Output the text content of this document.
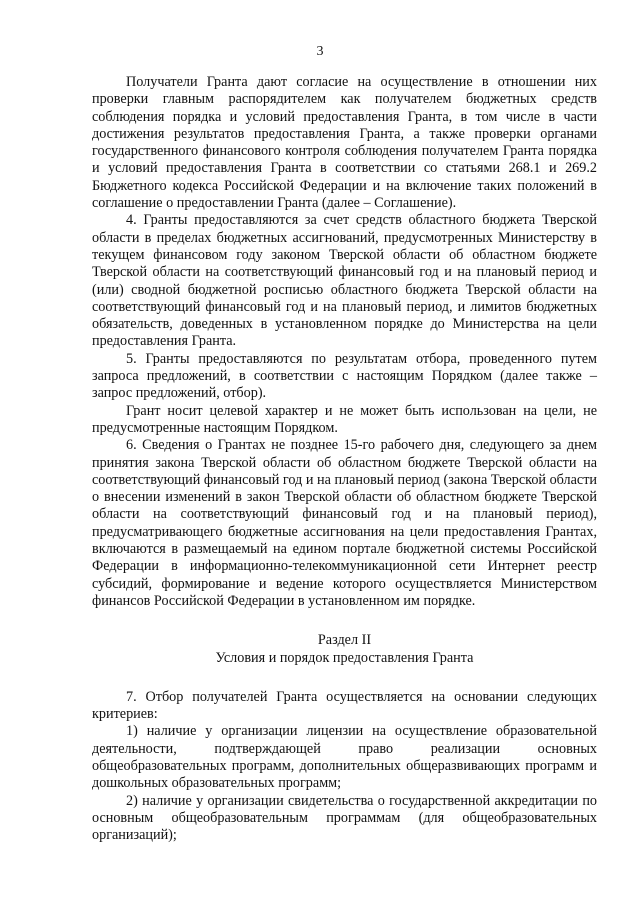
3

Получатели Гранта дают согласие на осуществление в отношении них проверки главным распорядителем как получателем бюджетных средств соблюдения порядка и условий предоставления Гранта, в том числе в части достижения результатов предоставления Гранта, а также проверки органами государственного финансового контроля соблюдения получателем Гранта порядка и условий предоставления Гранта в соответствии со статьями 268.1 и 269.2 Бюджетного кодекса Российской Федерации и на включение таких положений в соглашение о предоставлении Гранта (далее – Соглашение).

4. Гранты предоставляются за счет средств областного бюджета Тверской области в пределах бюджетных ассигнований, предусмотренных Министерству в текущем финансовом году законом Тверской области об областном бюджете Тверской области на соответствующий финансовый год и на плановый период и (или) сводной бюджетной росписью областного бюджета Тверской области на соответствующий финансовый год и на плановый период, и лимитов бюджетных обязательств, доведенных в установленном порядке до Министерства на цели предоставления Гранта.

5. Гранты предоставляются по результатам отбора, проведенного путем запроса предложений, в соответствии с настоящим Порядком (далее также – запрос предложений, отбор).

Грант носит целевой характер и не может быть использован на цели, не предусмотренные настоящим Порядком.

6. Сведения о Грантах не позднее 15-го рабочего дня, следующего за днем принятия закона Тверской области об областном бюджете Тверской области на соответствующий финансовый год и на плановый период (закона Тверской области о внесении изменений в закон Тверской области об областном бюджете Тверской области на соответствующий финансовый год и на плановый период), предусматривающего бюджетные ассигнования на цели предоставления Грантах, включаются в размещаемый на едином портале бюджетной системы Российской Федерации в информационно-телекоммуникационной сети Интернет реестр субсидий, формирование и ведение которого осуществляется Министерством финансов Российской Федерации в установленном им порядке.

Раздел II

Условия и порядок предоставления Гранта

7. Отбор получателей Гранта осуществляется на основании следующих критериев:

1) наличие у организации лицензии на осуществление образовательной деятельности, подтверждающей право реализации основных общеобразовательных программ, дополнительных общеразвивающих программ и дошкольных образовательных программ;

2) наличие у организации свидетельства о государственной аккредитации по основным общеобразовательным программам (для общеобразовательных организаций);
